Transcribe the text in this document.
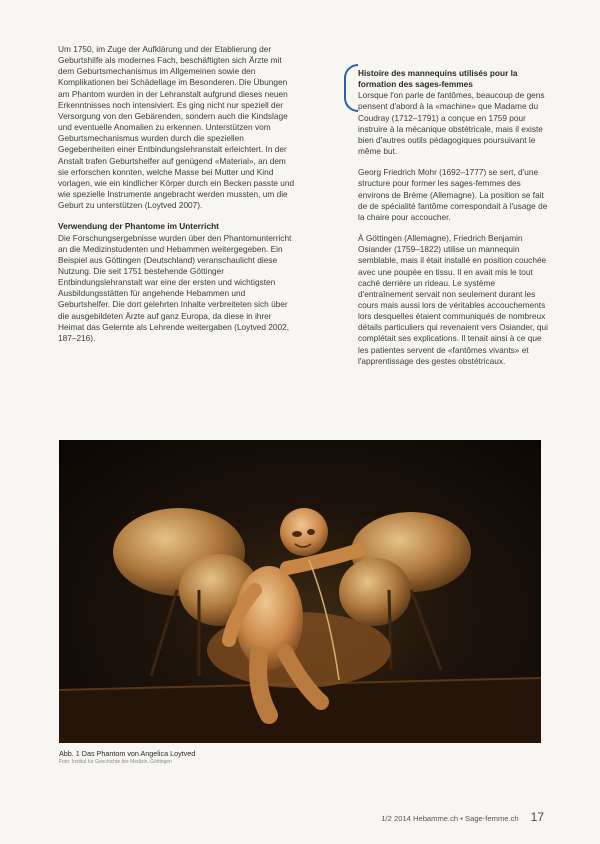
Um 1750, im Zuge der Aufklärung und der Etablierung der Geburtshilfe als modernes Fach, beschäftigten sich Ärzte mit dem Geburtsmechanismus im Allgemeinen sowie den Komplikationen bei Schädellage im Besonderen. Die Übungen am Phantom wurden in der Lehranstalt aufgrund dieses neuen Erkenntnisses noch intensiviert. Es ging nicht nur speziell der Versorgung von den Gebärenden, sondern auch die Kindslage und eventuelle Anomalien zu erkennen. Unterstützen vom Geburtsmechanismus wurden durch die speziellen Gegebenheiten einer Entbindungslehranstalt erleichtert. In der Anstalt trafen Geburtshelfer auf genügend «Material», an dem sie erforschen konnten, welche Masse bei Mutter und Kind vorlagen, wie ein kindlicher Körper durch ein Becken passte und wie spezielle Instrumente angebracht werden mussten, um die Geburt zu unterstützen (Loytved 2007).

Verwendung der Phantome im Unterricht

Die Forschungsergebnisse wurden über den Phantomunterricht an die Medizinstudenten und Hebammen weitergegeben. Ein Beispiel aus Göttingen (Deutschland) veranschaulicht diese Nutzung. Die seit 1751 bestehende Göttinger Entbindungslehranstalt war eine der ersten und wichtigsten Ausbildungsstätten für angehende Hebammen und Geburtshelfer. Die dort gelehrten Inhalte verbreiteten sich über die ausgebildeten Ärzte auf ganz Europa, da diese in ihrer Heimat das Gelernte als Lehrende weitergaben (Loytved 2002, 187–216).

Histoire des mannequins utilisés pour la formation des sages-femmes

Lorsque l'on parle de fantômes, beaucoup de gens pensent d'abord à la «machine» que Madame du Coudray (1712–1791) a conçue en 1759 pour instruire à la mécanique obstétricale, mais il existe bien d'autres outils pédagogiques poursuivant le même but.

Georg Friedrich Mohr (1692–1777) se sert, d'une structure pour former les sages-femmes des environs de Brème (Allemagne). La position se fait de de spécialité fantôme correspondait à l'usage de la chaire pour accoucher.

À Göttingen (Allemagne), Friedrich Benjamin Osiander (1759–1822) utilise un mannequin semblable, mais il était installé en position couchée avec une poupée en tissu. Il en avait mis le tout caché derrière un rideau. Le système d'entraînement servait non seulement durant les cours mais aussi lors de véritables accouchements lors desquelles étaient communiqués de nombreux détails particuliers qui revenaient vers Osiander, qui complétait ses explications. Il tenait ainsi à ce que les patientes servent de «fantômes vivants» et l'apprentissage des gestes obstétricaux.

Abb. 1 Das Phantom von Angelica Loytved
Foto: Institut für Geschichte der Medizin, Göttingen
1/2 2014 Hebamme.ch • Sage-femme.ch 17
